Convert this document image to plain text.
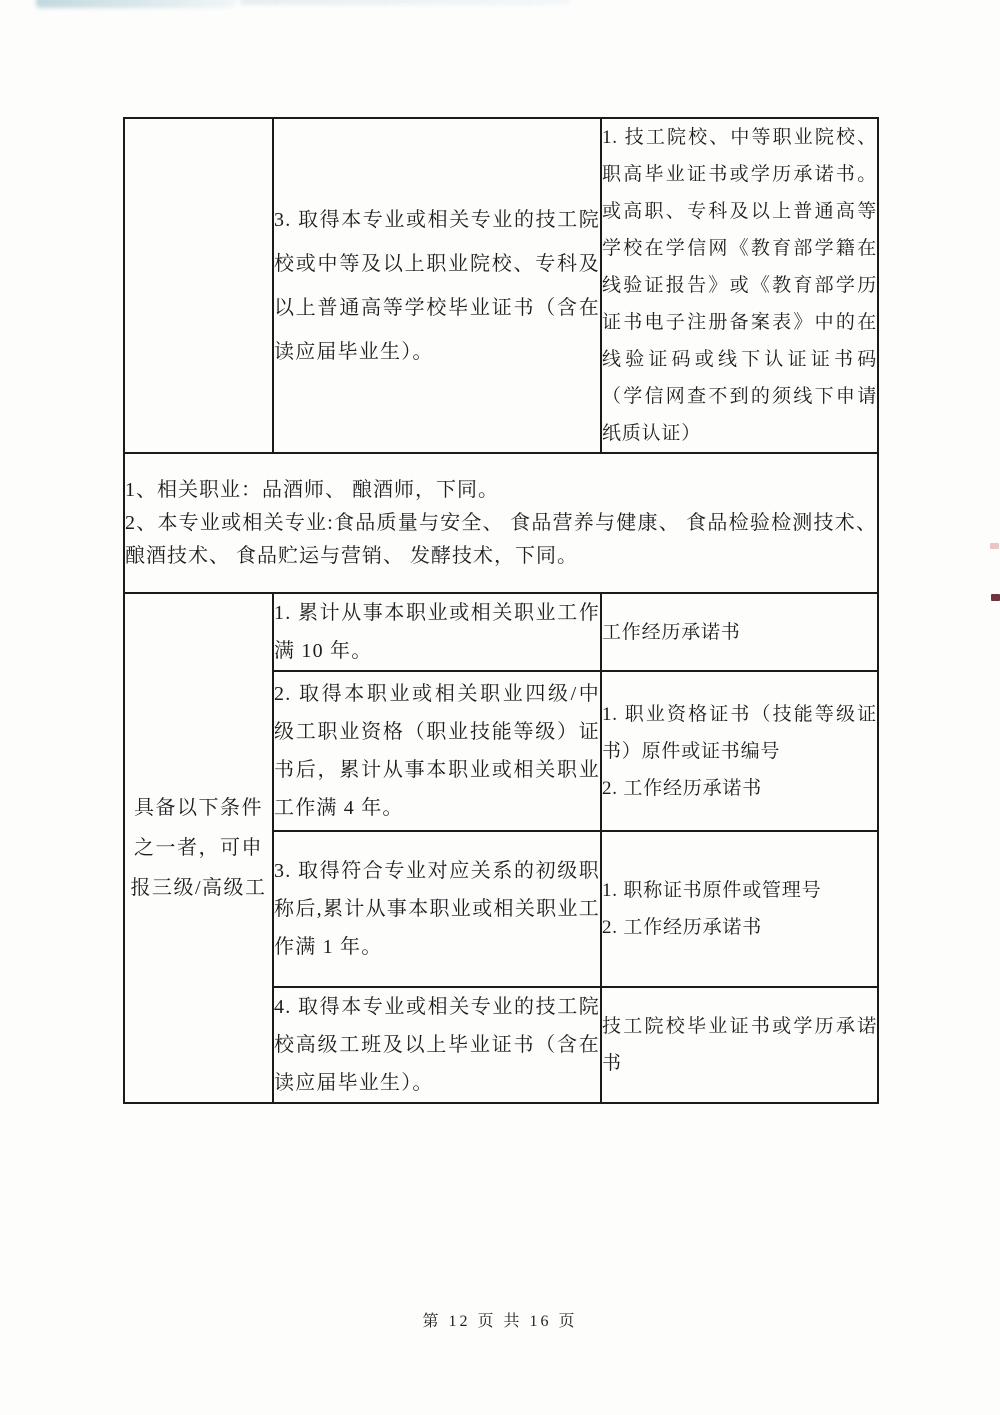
	3. 取得本专业或相关专业的技工院校或中等及以上职业院校、专科及以上普通高等学校毕业证书（含在读应届毕业生）。	1. 技工院校、中等职业院校、职高毕业证书或学历承诺书。或高职、专科及以上普通高等学校在学信网《教育部学籍在线验证报告》或《教育部学历证书电子注册备案表》中的在线验证码或线下认证证书码（学信网查不到的须线下申请纸质认证）

1、相关职业：品酒师、 酿酒师，下同。
2、本专业或相关专业:食品质量与安全、 食品营养与健康、 食品检验检测技术、 酿酒技术、 食品贮运与营销、 发酵技术，下同。		

具备以下条件之一者，可申报三级/高级工	1. 累计从事本职业或相关职业工作满 10 年。	工作经历承诺书

	2. 取得本职业或相关职业四级/中级工职业资格（职业技能等级）证书后，累计从事本职业或相关职业工作满 4 年。	1. 职业资格证书（技能等级证书）原件或证书编号
2. 工作经历承诺书

	3. 取得符合专业对应关系的初级职称后,累计从事本职业或相关职业工作满 1 年。	1. 职称证书原件或管理号
2. 工作经历承诺书

	4. 取得本专业或相关专业的技工院校高级工班及以上毕业证书（含在读应届毕业生）。	技工院校毕业证书或学历承诺书
第 12 页 共 16 页
